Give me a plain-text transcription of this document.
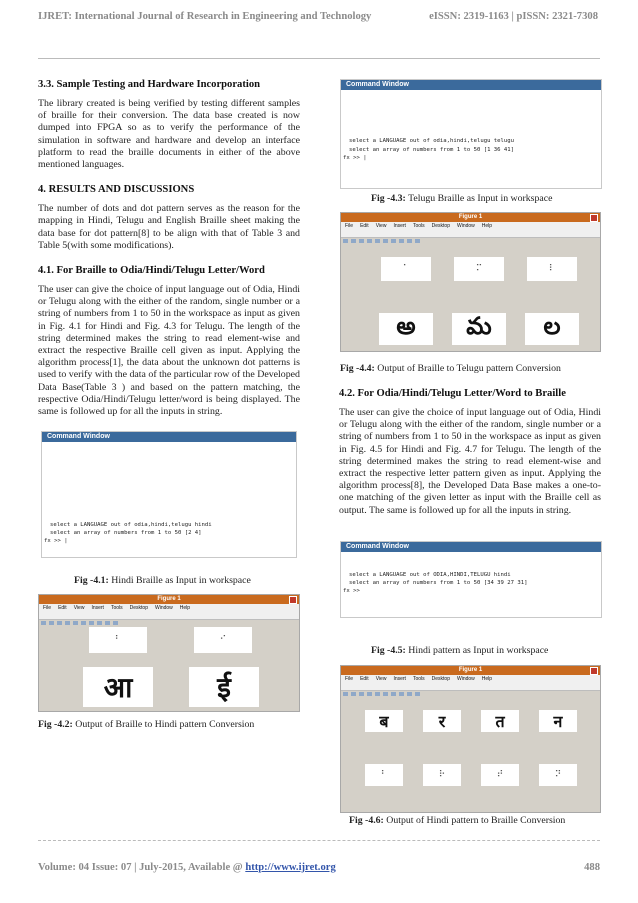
IJRET: International Journal of Research in Engineering and Technology	eISSN: 2319-1163 | pISSN: 2321-7308
3.3. Sample Testing and Hardware Incorporation

The library created is being verified by testing different samples of braille for their conversion. The data base created is now dumped into FPGA so as to verify the performance of the simulation in software and hardware and develop an interface platform to read the braille documents in either of the above mentioned languages.

4. RESULTS AND DISCUSSIONS

The number of dots and dot pattern serves as the reason for the mapping in Hindi, Telugu and English Braille sheet making the data base for dot pattern[8] to be align with that of Table 3 and Table 5(with some modifications).

4.1. For Braille to Odia/Hindi/Telugu Letter/Word

The user can give the choice of input language out of Odia, Hindi or Telugu along with the either of the random, single number or a string of numbers from 1 to 50 in the workspace as input as given in Fig. 4.1 for Hindi and Fig. 4.3 for Telugu. The length of the string determined makes the string to read element-wise and extract the respective Braille cell given as input. Applying the algorithm process[1], the data about the unknown dot patterns is used to verify with the data of the particular row of the Developed Data Base(Table 3 ) and based on the pattern matching, the respective Odia/Hindi/Telugu letter/word is being displayed. The same is followed up for all the inputs in string.

Command Window
select a LANGUAGE out of odia,hindi,telugu hindi
select an array of numbers from 1 to 50 [2 4]
fx >> |
Fig -4.1: Hindi Braille as Input in workspace
Figure 1
File Edit View Insert Tools Desktop Window Help
⠃	⠊
आ	ई
Fig -4.2: Output of Braille to Hindi pattern Conversion
Command Window
select a LANGUAGE out of odia,hindi,telugu telugu
select an array of numbers from 1 to 50 [1 36 41]
fx >> |
Fig -4.3: Telugu Braille as Input in workspace
Figure 1
File Edit View Insert Tools Desktop Window Help
⠁	⠍	⠇
అ మ ల
Fig -4.4: Output of Braille to Telugu pattern Conversion
4.2. For Odia/Hindi/Telugu Letter/Word to Braille

The user can give the choice of input language out of Odia, Hindi or Telugu along with the either of the random, single number or a string of numbers from 1 to 50 in the workspace as input as given in Fig. 4.5 for Hindi and Fig. 4.7 for Telugu. The length of the string determined makes the string to read element-wise and extract the respective letter pattern given as input. Applying the algorithm process[8], the Developed Data Base makes a one-to-one matching of the given letter as input with the Braille cell as output. The same is followed up for all the inputs in string.

Command Window
select a LANGUAGE out of ODIA,HINDI,TELUGU hindi
select an array of numbers from 1 to 50 [34 39 27 31]
fx >>
Fig -4.5: Hindi pattern as Input in workspace
Figure 1
File Edit View Insert Tools Desktop Window Help
ब	र	त	न
⠃	⠗	⠞	⠝
Fig -4.6: Output of Hindi pattern to Braille Conversion
Volume: 04 Issue: 07 | July-2015, Available @ http://www.ijret.org	488
